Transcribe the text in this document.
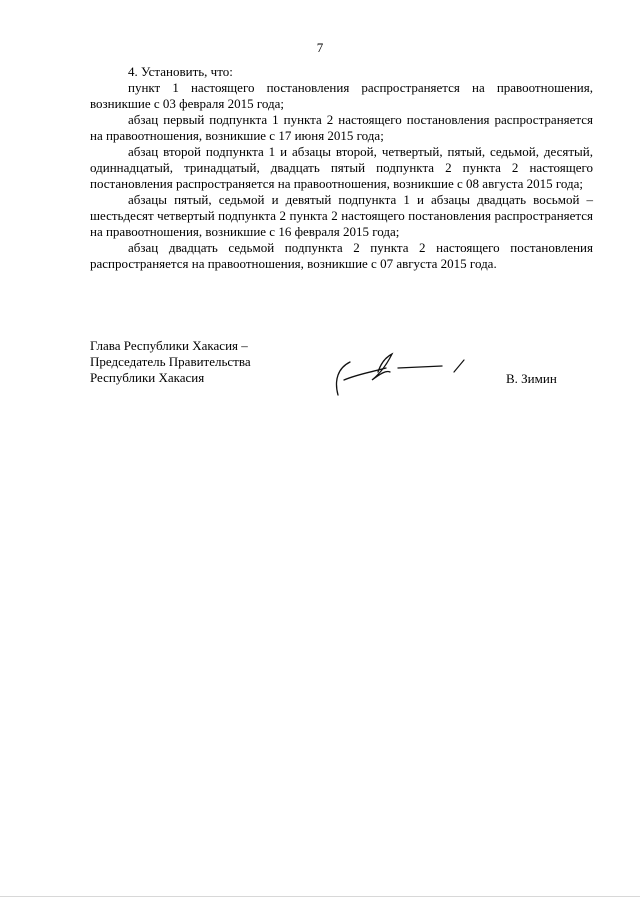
7

4. Установить, что:

пункт 1 настоящего постановления распространяется на правоотношения, возникшие с 03 февраля 2015 года;

абзац первый подпункта 1 пункта 2 настоящего постановления распространяется на правоотношения, возникшие с 17 июня 2015 года;

абзац второй подпункта 1 и абзацы второй, четвертый, пятый, седьмой, десятый, одиннадцатый, тринадцатый, двадцать пятый подпункта 2 пункта 2 настоящего постановления распространяется на правоотношения, возникшие с 08 августа 2015 года;

абзацы пятый, седьмой и девятый подпункта 1 и абзацы двадцать восьмой – шестьдесят четвертый подпункта 2 пункта 2 настоящего постановления распространяется на правоотношения, возникшие с 16 февраля 2015 года;

абзац двадцать седьмой подпункта 2 пункта 2 настоящего постановления распространяется на правоотношения, возникшие с 07 августа 2015 года.

Глава Республики Хакасия –
Председатель Правительства
Республики Хакасия	В. Зимин
